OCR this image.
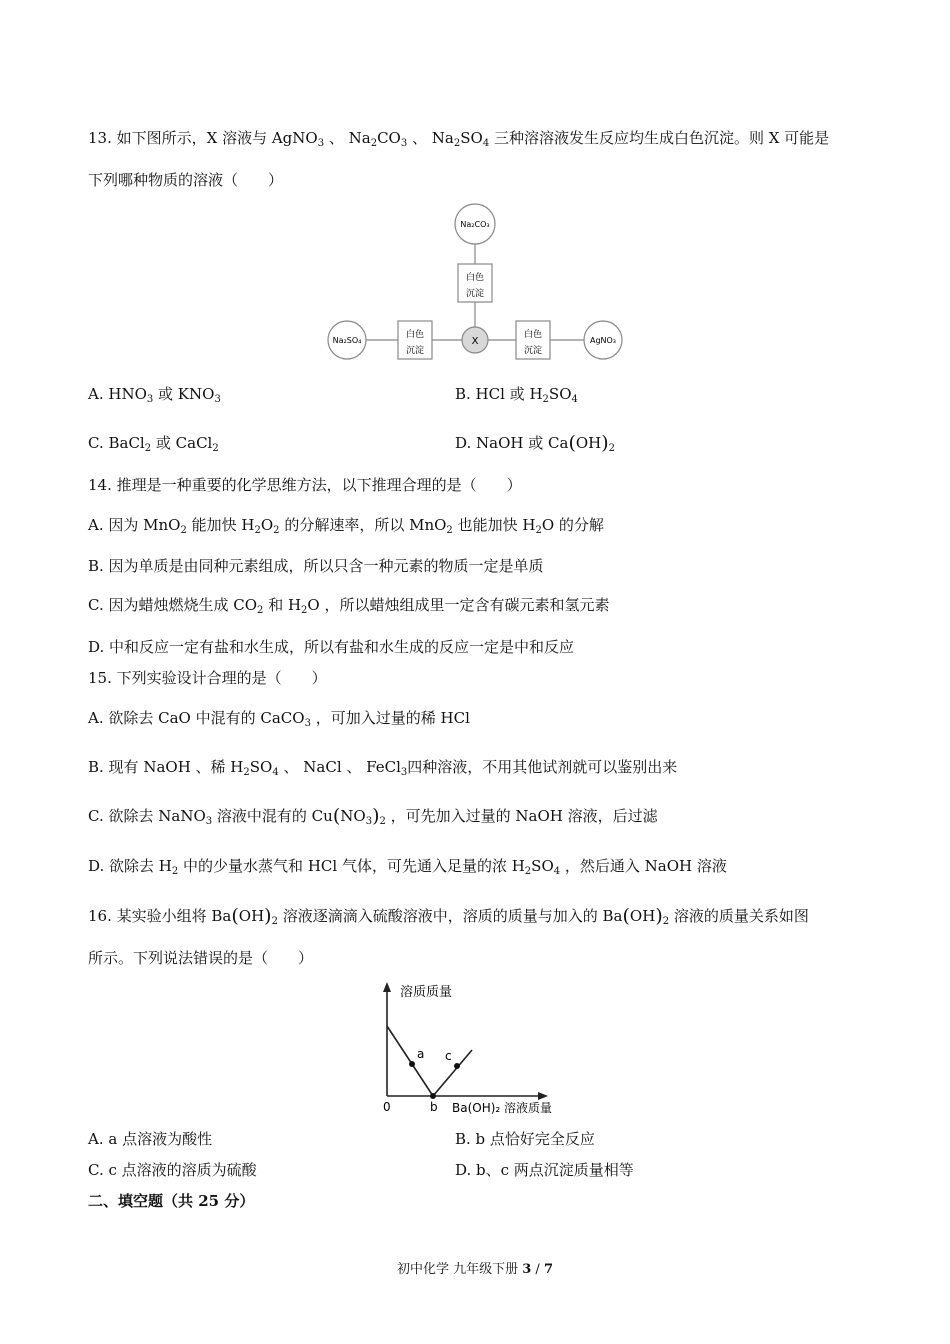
13. 如下图所示，X 溶液与 AgNO$_3$ 、 $Na_2CO_3$ 、 $Na_2SO_4$ 三种溶溶液发生反应均生成白色沉淀。则 X 可能是
下列哪种物质的溶液（　　）
Na₂CO₃
白色
沉淀
Na₂SO₄
白色
沉淀
X
白色
沉淀
AgNO₃
A. $HNO_3$ 或 $KNO_3$	B. HCl 或 $H_2SO_4$
C. BaCl$_2$ 或 CaCl$_2$	D. NaOH 或 $Ca(OH)_2$
14. 推理是一种重要的化学思维方法，以下推理合理的是（　　）
A. 因为 MnO$_2$ 能加快 $H_2O_2$ 的分解速率，所以 MnO$_2$ 也能加快 $H_2O$ 的分解
B. 因为单质是由同种元素组成，所以只含一种元素的物质一定是单质
C. 因为蜡烛燃烧生成 $CO_2$ 和 $H_2O$ ，所以蜡烛组成里一定含有碳元素和氢元素
D. 中和反应一定有盐和水生成，所以有盐和水生成的反应一定是中和反应
15. 下列实验设计合理的是（　　）
A. 欲除去 CaO 中混有的 CaCO$_3$ ，可加入过量的稀 HCl
B. 现有 NaOH 、稀 $H_2SO_4$ 、 NaCl 、 FeCl$_3$四种溶液，不用其他试剂就可以鉴别出来
C. 欲除去 NaNO$_3$ 溶液中混有的 $Cu(NO_3)_2$ ，可先加入过量的 NaOH 溶液，后过滤
D. 欲除去 $H_2$ 中的少量水蒸气和 HCl 气体，可先通入足量的浓 $H_2SO_4$ ，然后通入 NaOH 溶液
16. 某实验小组将 $Ba(OH)_2$ 溶液逐滴滴入硫酸溶液中，溶质的质量与加入的 $Ba(OH)_2$ 溶液的质量关系如图
所示。下列说法错误的是（　　）
溶质质量
a c
0	b Ba(OH)₂ 溶液质量
A. a 点溶液为酸性	B. b 点恰好完全反应
C. c 点溶液的溶质为硫酸	D. b、c 两点沉淀质量相等
二、填空题（共 25 分）
初中化学 九年级下册 3 / 7
